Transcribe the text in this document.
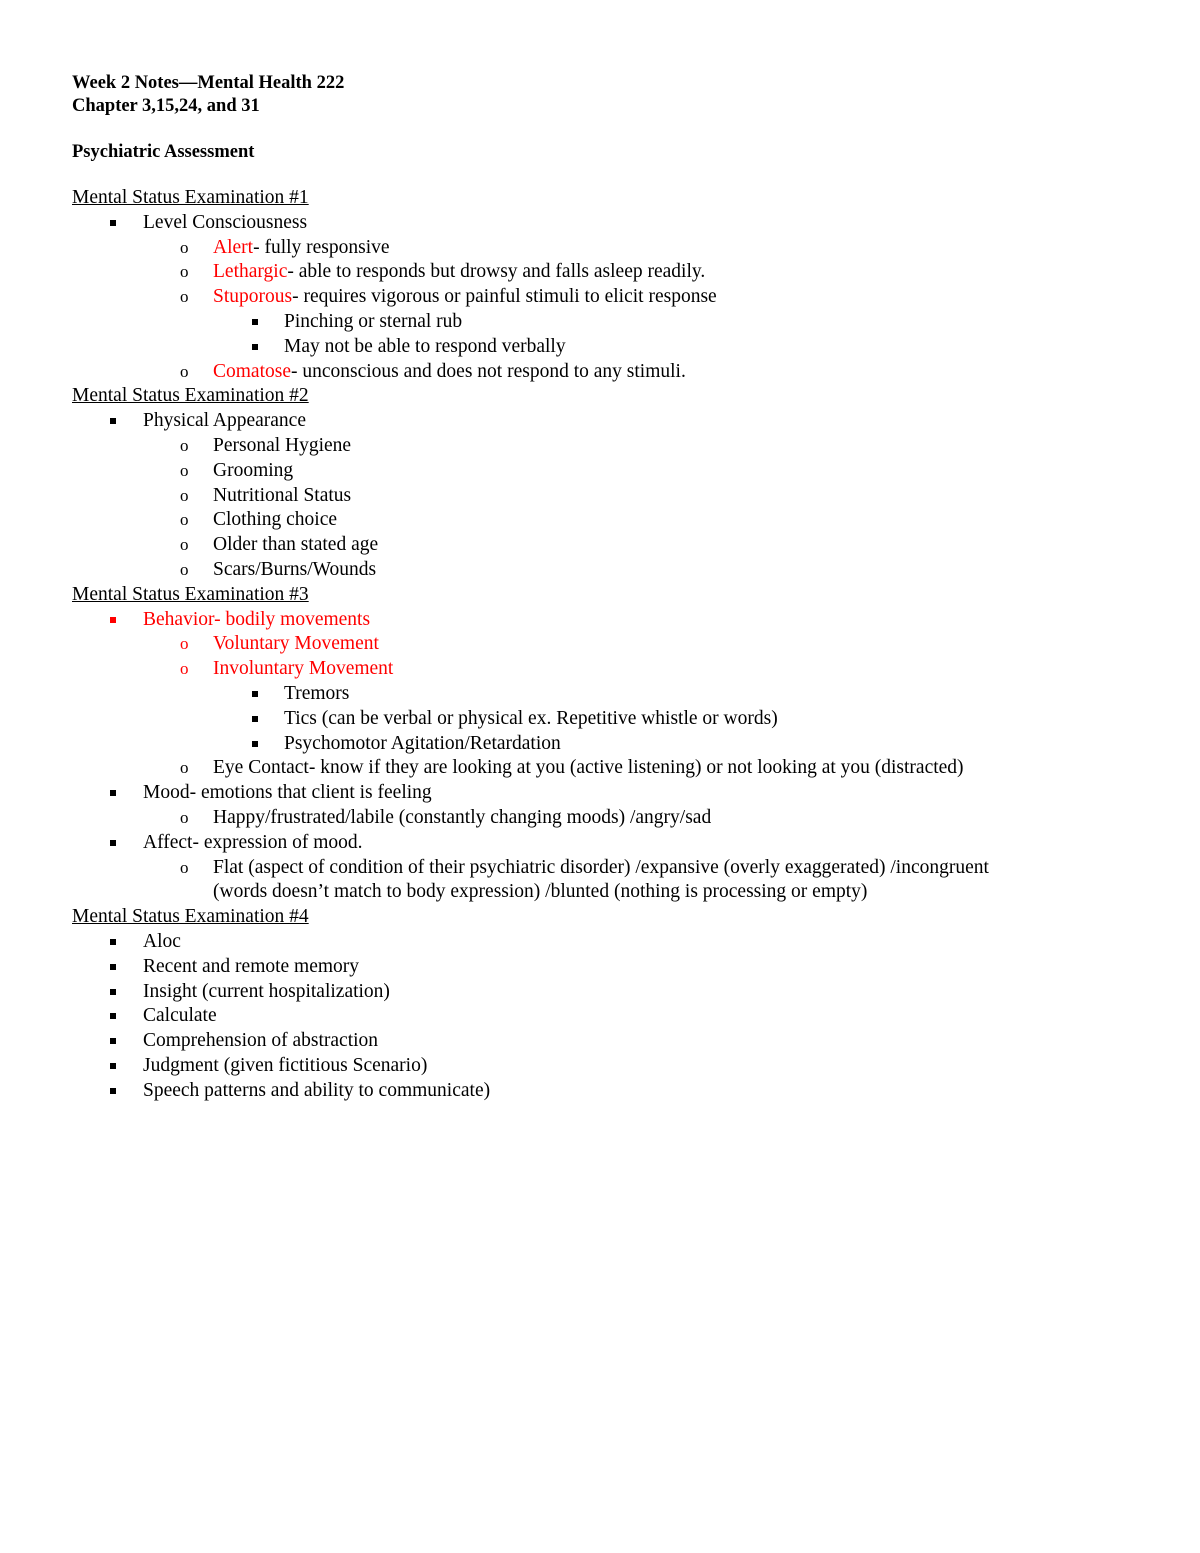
Week 2 Notes—Mental Health 222
Chapter 3,15,24, and 31
Psychiatric Assessment
Mental Status Examination #1
Level Consciousness
o Alert- fully responsive
o Lethargic- able to responds but drowsy and falls asleep readily.
o Stuporous- requires vigorous or painful stimuli to elicit response
Pinching or sternal rub
May not be able to respond verbally
o Comatose- unconscious and does not respond to any stimuli.
Mental Status Examination #2
Physical Appearance
o Personal Hygiene
o Grooming
o Nutritional Status
o Clothing choice
o Older than stated age
o Scars/Burns/Wounds
Mental Status Examination #3
Behavior- bodily movements
o Voluntary Movement
o Involuntary Movement
Tremors
Tics (can be verbal or physical ex. Repetitive whistle or words)
Psychomotor Agitation/Retardation
o Eye Contact- know if they are looking at you (active listening) or not looking at you (distracted)
Mood- emotions that client is feeling
o Happy/frustrated/labile (constantly changing moods) /angry/sad
Affect- expression of mood.
o Flat (aspect of condition of their psychiatric disorder) /expansive (overly exaggerated) /incongruent
(words doesn’t match to body expression) /blunted (nothing is processing or empty)
Mental Status Examination #4
Aloc
Recent and remote memory
Insight (current hospitalization)
Calculate
Comprehension of abstraction
Judgment (given fictitious Scenario)
Speech patterns and ability to communicate)
